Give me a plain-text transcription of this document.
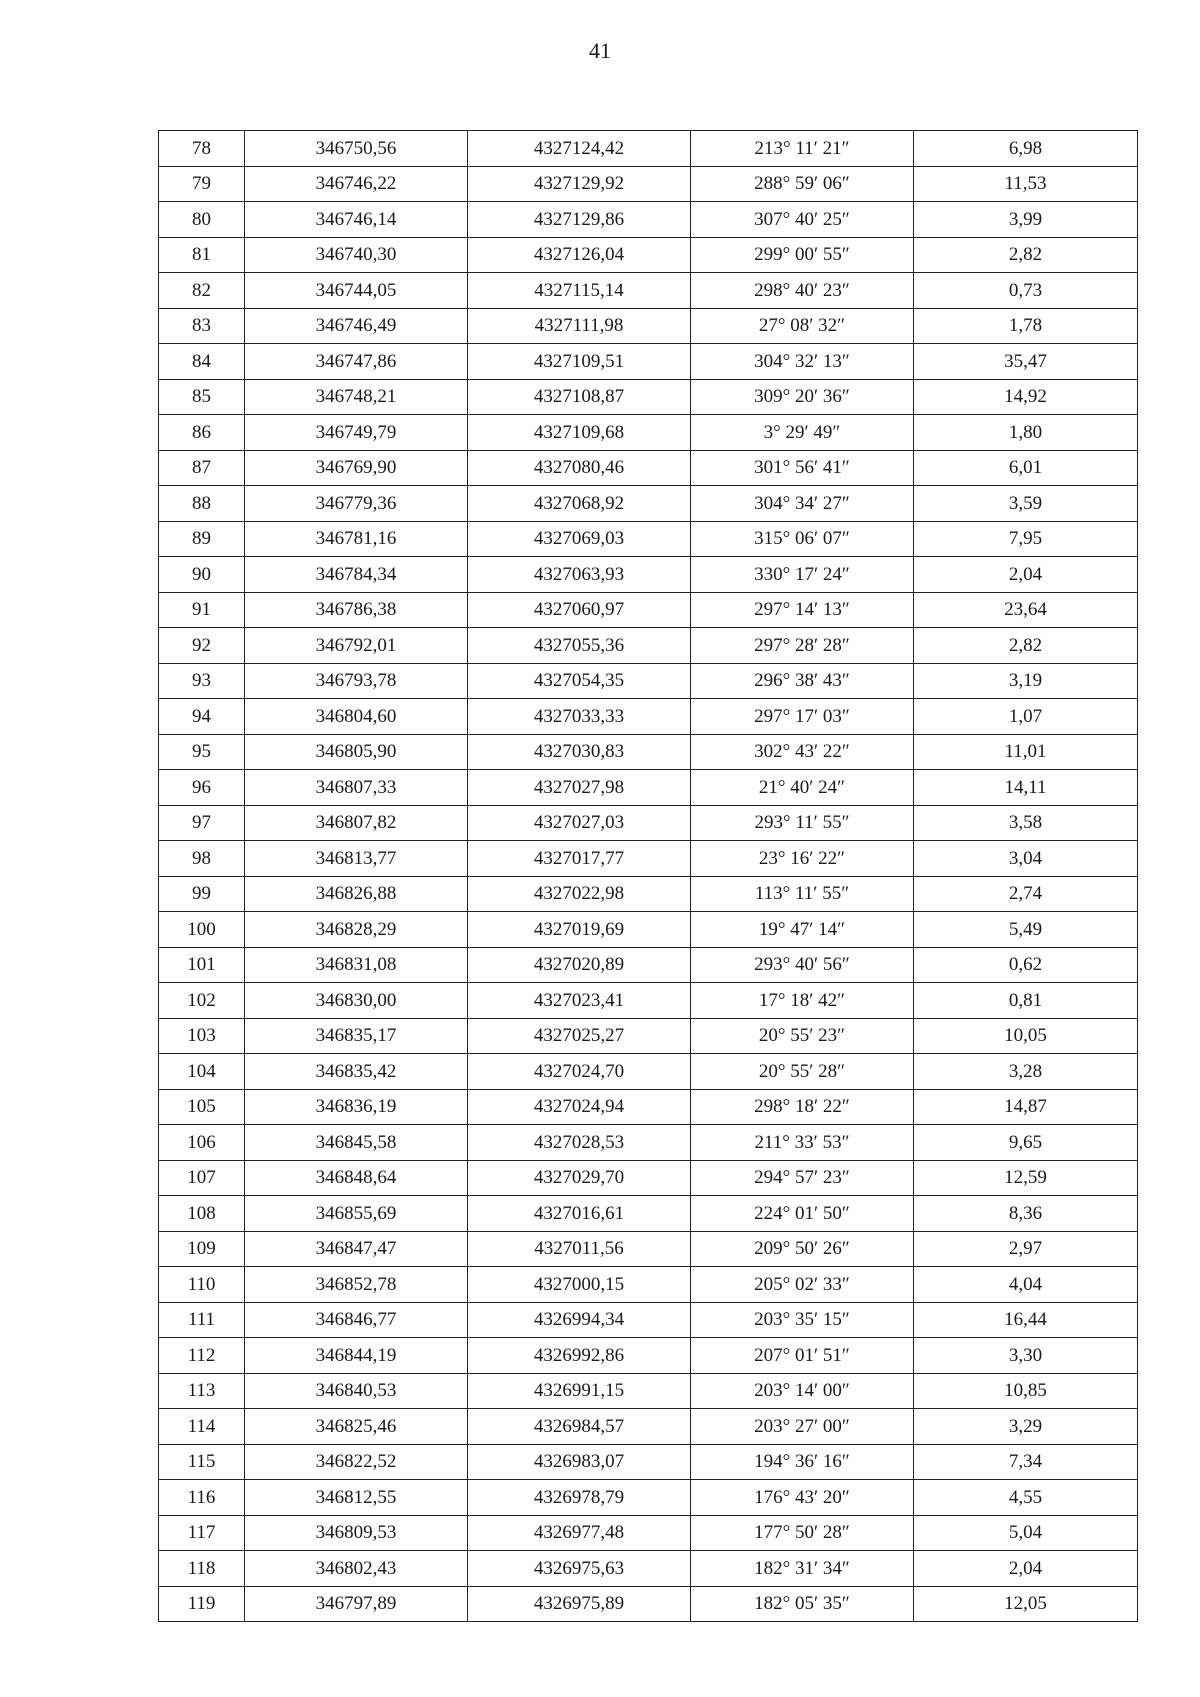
41
78	346750,56	4327124,42	213° 11′ 21″	6,98
79	346746,22	4327129,92	288° 59′ 06″	11,53
80	346746,14	4327129,86	307° 40′ 25″	3,99
81	346740,30	4327126,04	299° 00′ 55″	2,82
82	346744,05	4327115,14	298° 40′ 23″	0,73
83	346746,49	4327111,98	27° 08′ 32″	1,78
84	346747,86	4327109,51	304° 32′ 13″	35,47
85	346748,21	4327108,87	309° 20′ 36″	14,92
86	346749,79	4327109,68	3° 29′ 49″	1,80
87	346769,90	4327080,46	301° 56′ 41″	6,01
88	346779,36	4327068,92	304° 34′ 27″	3,59
89	346781,16	4327069,03	315° 06′ 07″	7,95
90	346784,34	4327063,93	330° 17′ 24″	2,04
91	346786,38	4327060,97	297° 14′ 13″	23,64
92	346792,01	4327055,36	297° 28′ 28″	2,82
93	346793,78	4327054,35	296° 38′ 43″	3,19
94	346804,60	4327033,33	297° 17′ 03″	1,07
95	346805,90	4327030,83	302° 43′ 22″	11,01
96	346807,33	4327027,98	21° 40′ 24″	14,11
97	346807,82	4327027,03	293° 11′ 55″	3,58
98	346813,77	4327017,77	23° 16′ 22″	3,04
99	346826,88	4327022,98	113° 11′ 55″	2,74
100	346828,29	4327019,69	19° 47′ 14″	5,49
101	346831,08	4327020,89	293° 40′ 56″	0,62
102	346830,00	4327023,41	17° 18′ 42″	0,81
103	346835,17	4327025,27	20° 55′ 23″	10,05
104	346835,42	4327024,70	20° 55′ 28″	3,28
105	346836,19	4327024,94	298° 18′ 22″	14,87
106	346845,58	4327028,53	211° 33′ 53″	9,65
107	346848,64	4327029,70	294° 57′ 23″	12,59
108	346855,69	4327016,61	224° 01′ 50″	8,36
109	346847,47	4327011,56	209° 50′ 26″	2,97
110	346852,78	4327000,15	205° 02′ 33″	4,04
111	346846,77	4326994,34	203° 35′ 15″	16,44
112	346844,19	4326992,86	207° 01′ 51″	3,30
113	346840,53	4326991,15	203° 14′ 00″	10,85
114	346825,46	4326984,57	203° 27′ 00″	3,29
115	346822,52	4326983,07	194° 36′ 16″	7,34
116	346812,55	4326978,79	176° 43′ 20″	4,55
117	346809,53	4326977,48	177° 50′ 28″	5,04
118	346802,43	4326975,63	182° 31′ 34″	2,04
119	346797,89	4326975,89	182° 05′ 35″	12,05
